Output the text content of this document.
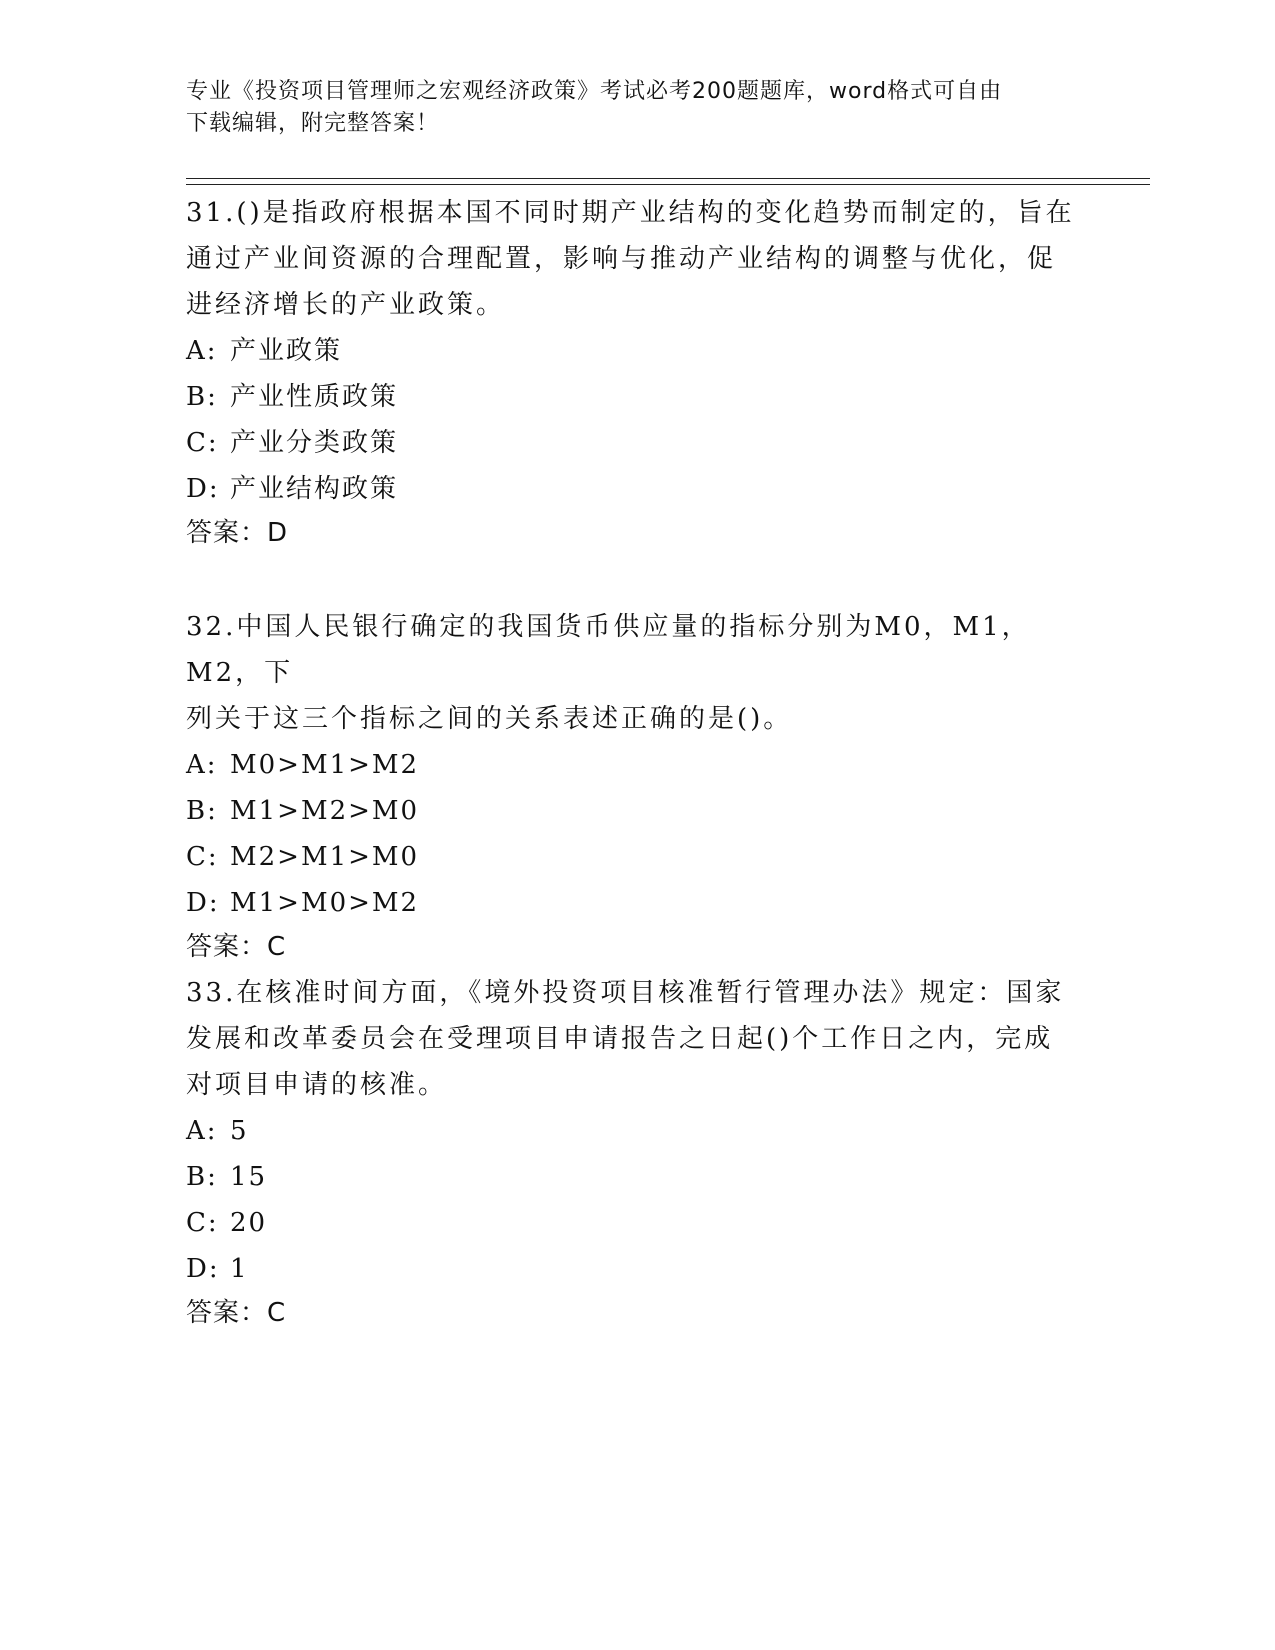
专业《投资项目管理师之宏观经济政策》考试必考200题题库，word格式可自由
下载编辑，附完整答案！
31.()是指政府根据本国不同时期产业结构的变化趋势而制定的，旨在
通过产业间资源的合理配置，影响与推动产业结构的调整与优化，促
进经济增长的产业政策。
A: 产业政策
B: 产业性质政策
C: 产业分类政策
D: 产业结构政策
答案：D
32.中国人民银行确定的我国货币供应量的指标分别为M0，M1，M2，下
列关于这三个指标之间的关系表述正确的是()。
A: M0>M1>M2
B: M1>M2>M0
C: M2>M1>M0
D: M1>M0>M2
答案：C
33.在核准时间方面，《境外投资项目核准暂行管理办法》规定：国家
发展和改革委员会在受理项目申请报告之日起()个工作日之内，完成
对项目申请的核准。
A: 5
B: 15
C: 20
D: 1
答案：C
